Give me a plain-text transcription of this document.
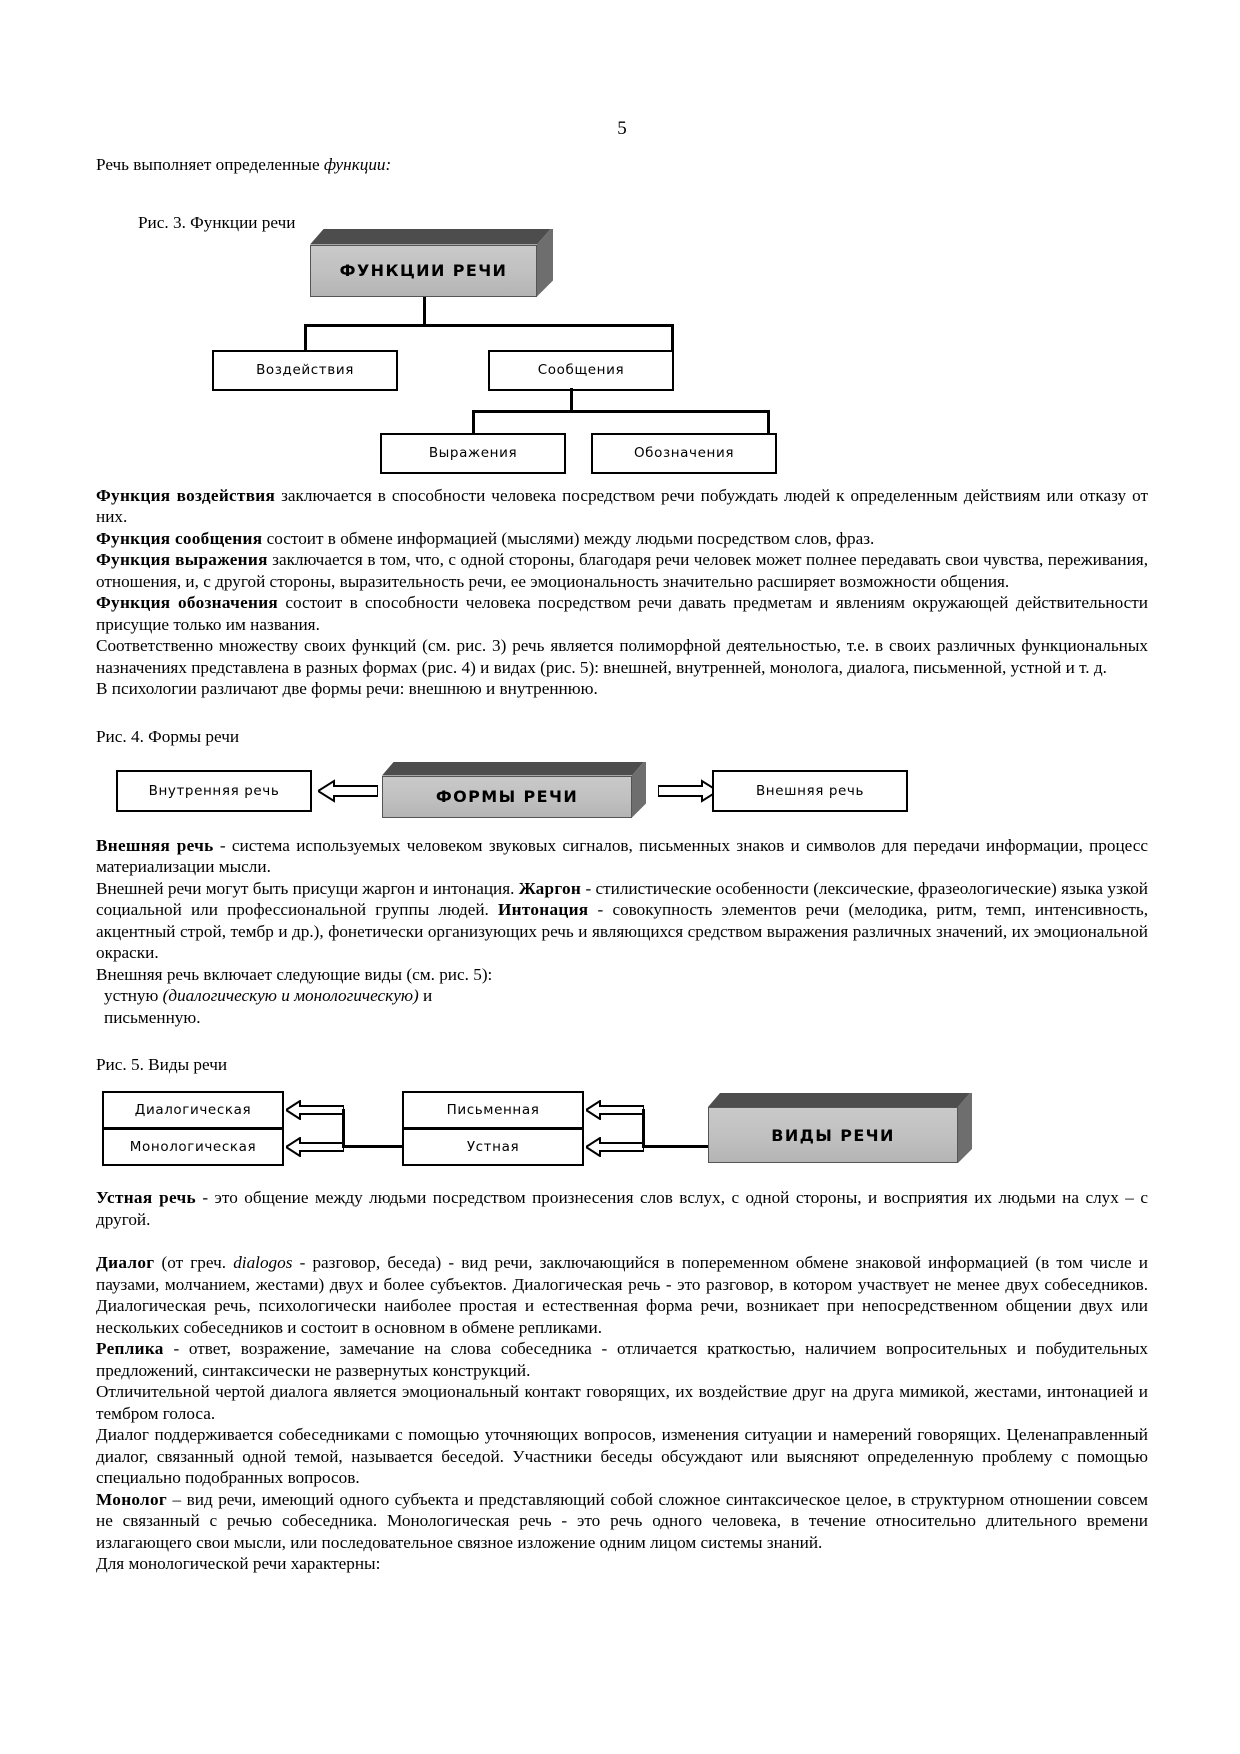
5

Речь выполняет определенные функции:

Рис. 3. Функции речи
ФУНКЦИИ РЕЧИ
Воздействия	Сообщения
Выражения	Обозначения

Функция воздействия заключается в способности человека посредством речи побуждать людей к определенным действиям или отказу от них.

Функция сообщения состоит в обмене информацией (мыслями) между людьми посредством слов, фраз.

Функция выражения заключается в том, что, с одной стороны, благодаря речи человек может полнее передавать свои чувства, переживания, отношения, и, с другой стороны, выразительность речи, ее эмоциональность значительно расширяет возможности общения.

Функция обозначения состоит в способности человека посредством речи давать предметам и явлениям окружающей действительности присущие только им названия.

Соответственно множеству своих функций (см. рис. 3) речь является полиморфной деятельностью, т.е. в своих различных функциональных назначениях представлена в разных формах (рис. 4) и видах (рис. 5): внешней, внутренней, монолога, диалога, письменной, устной и т. д.

В психологии различают две формы речи: внешнюю и внутреннюю.

Рис. 4. Формы речи
Внутренняя речь	ФОРМЫ РЕЧИ	Внешняя речь

Внешняя речь - система используемых человеком звуковых сигналов, письменных знаков и символов для передачи информации, процесс материализации мысли.

Внешней речи могут быть присущи жаргон и интонация. Жаргон - стилистические особенности (лексические, фразеологические) языка узкой социальной или профессиональной группы людей. Интонация - совокупность элементов речи (мелодика, ритм, темп, интенсивность, акцентный строй, тембр и др.), фонетически организующих речь и являющихся средством выражения различных значений, их эмоциональной окраски.

Внешняя речь включает следующие виды (см. рис. 5):

устную (диалогическую и монологическую) и

письменную.

Рис. 5. Виды речи
Диалогическая
Монологическая
Письменная
Устная
ВИДЫ РЕЧИ

Устная речь - это общение между людьми посредством произнесения слов вслух, с одной стороны, и восприятия их людьми на слух – с другой.

Диалог (от греч. dialogos - разговор, беседа) - вид речи, заключающийся в попеременном обмене знаковой информацией (в том числе и паузами, молчанием, жестами) двух и более субъектов. Диалогическая речь - это разговор, в котором участвует не менее двух собеседников. Диалогическая речь, психологически наиболее простая и естественная форма речи, возникает при непосредственном общении двух или нескольких собеседников и состоит в основном в обмене репликами.

Реплика - ответ, возражение, замечание на слова собеседника - отличается краткостью, наличием вопросительных и побудительных предложений, синтаксически не развернутых конструкций.

Отличительной чертой диалога является эмоциональный контакт говорящих, их воздействие друг на друга мимикой, жестами, интонацией и тембром голоса.

Диалог поддерживается собеседниками с помощью уточняющих вопросов, изменения ситуации и намерений говорящих. Целенаправленный диалог, связанный одной темой, называется беседой. Участники беседы обсуждают или выясняют определенную проблему с помощью специально подобранных вопросов.

Монолог – вид речи, имеющий одного субъекта и представляющий собой сложное синтаксическое целое, в структурном отношении совсем не связанный с речью собеседника. Монологическая речь - это речь одного человека, в течение относительно длительного времени излагающего свои мысли, или последовательное связное изложение одним лицом системы знаний.

Для монологической речи характерны:
